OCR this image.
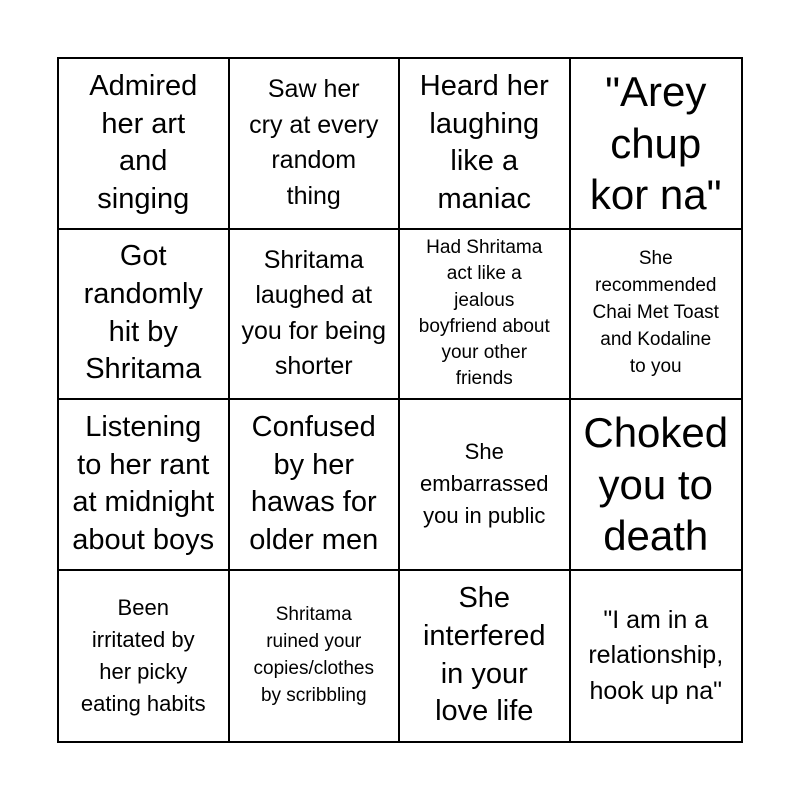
Admired
her art
and
singing
Saw her
cry at every
random
thing
Heard her
laughing
like a
maniac
"Arey
chup
kor na"
Got
randomly
hit by
Shritama
Shritama
laughed at
you for being
shorter
Had Shritama
act like a
jealous
boyfriend about
your other
friends
She
recommended
Chai Met Toast
and Kodaline
to you
Listening
to her rant
at midnight
about boys
Confused
by her
hawas for
older men
She
embarrassed
you in public
Choked
you to
death
Been
irritated by
her picky
eating habits
Shritama
ruined your
copies/clothes
by scribbling
She
interfered
in your
love life
"I am in a
relationship,
hook up na"
